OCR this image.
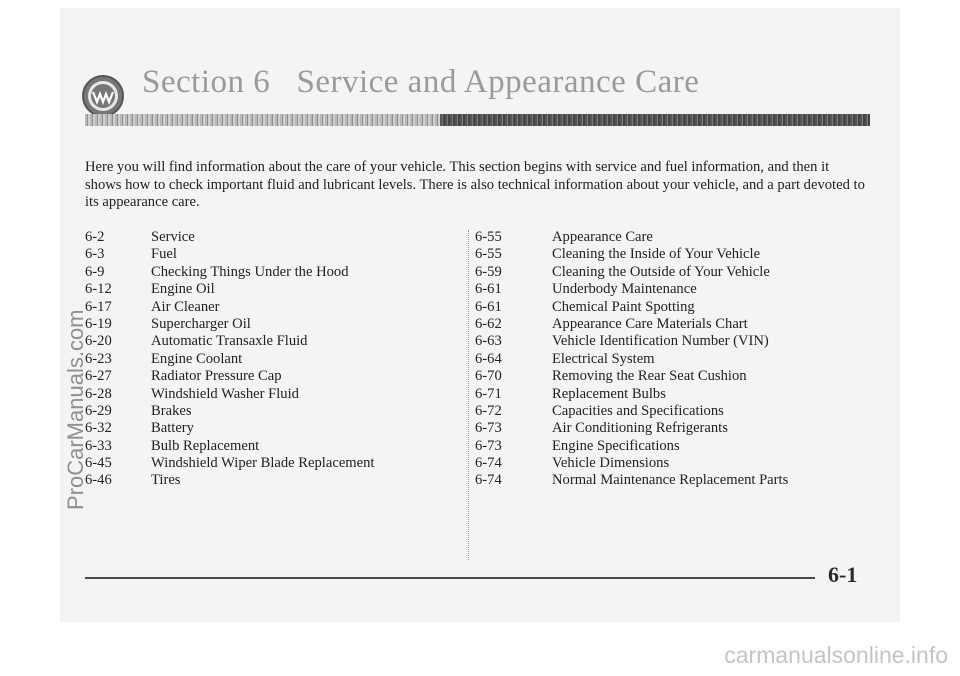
Section 6   Service and Appearance Care

Here you will find information about the care of your vehicle. This section begins with service and fuel information, and then it shows how to check important fluid and lubricant levels. There is also technical information about your vehicle, and a part devoted to its appearance care.

6-2	Service
6-3	Fuel
6-9	Checking Things Under the Hood
6-12	Engine Oil
6-17	Air Cleaner
6-19	Supercharger Oil
6-20	Automatic Transaxle Fluid
6-23	Engine Coolant
6-27	Radiator Pressure Cap
6-28	Windshield Washer Fluid
6-29	Brakes
6-32	Battery
6-33	Bulb Replacement
6-45	Windshield Wiper Blade Replacement
6-46	Tires
6-55	Appearance Care
6-55	Cleaning the Inside of Your Vehicle
6-59	Cleaning the Outside of Your Vehicle
6-61	Underbody Maintenance
6-61	Chemical Paint Spotting
6-62	Appearance Care Materials Chart
6-63	Vehicle Identification Number (VIN)
6-64	Electrical System
6-70	Removing the Rear Seat Cushion
6-71	Replacement Bulbs
6-72	Capacities and Specifications
6-73	Air Conditioning Refrigerants
6-73	Engine Specifications
6-74	Vehicle Dimensions
6-74	Normal Maintenance Replacement Parts
6-1
ProCarManuals.com
carmanualsonline.info
